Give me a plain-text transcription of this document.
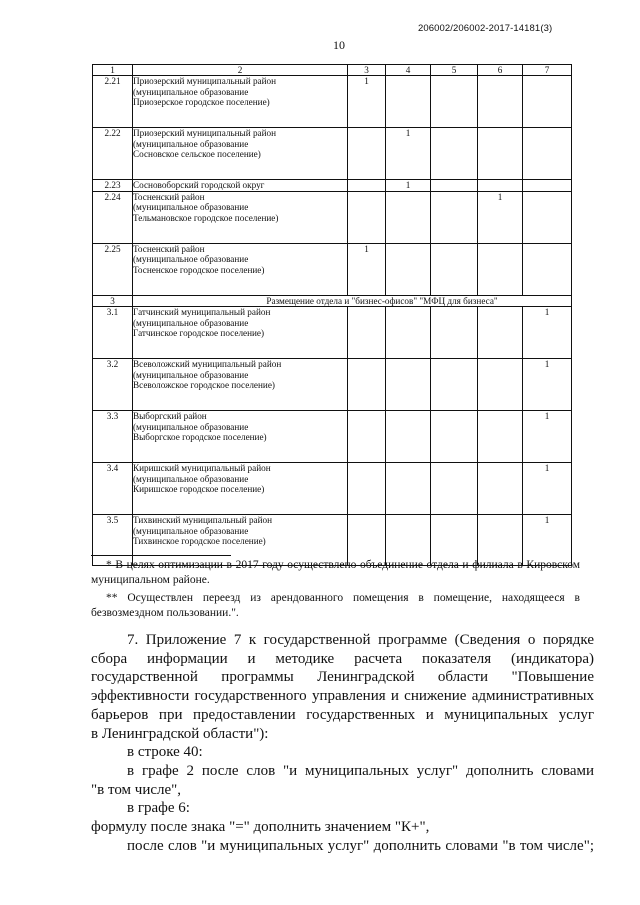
206002/206002-2017-14181(3)
10
1	2	3	4	5	6	7
2.21	Приозерский муниципальный район
(муниципальное образование
Приозерское городское поселение)	1				
2.22	Приозерский муниципальный район
(муниципальное образование
Сосновское сельское поселение)		1			
2.23	Сосновоборский городской округ		1			
2.24	Тосненский район
(муниципальное образование
Тельмановское городское поселение)				1	
2.25	Тосненский район
(муниципальное образование
Тосненское городское поселение)	1				
3	Размещение отдела и "бизнес-офисов" "МФЦ для бизнеса"					
3.1	Гатчинский муниципальный район
(муниципальное образование
Гатчинское городское поселение)					1
3.2	Всеволожский муниципальный район
(муниципальное образование
Всеволожское городское поселение)					1
3.3	Выборгский район
(муниципальное образование
Выборгское городское поселение)					1
3.4	Киришский муниципальный район
(муниципальное образование
Киришское городское поселение)					1
3.5	Тихвинский муниципальный район
(муниципальное образование
Тихвинское городское поселение)					1
* В целях оптимизации в 2017 году осуществлено объединение отдела и филиала в Кировском муниципальном районе.
** Осуществлен переезд из арендованного помещения в помещение, находящееся в безвозмездном пользовании.".

7. Приложение 7 к государственной программе (Сведения о порядке

сбора информации и методике расчета показателя (индикатора)

государственной программы Ленинградской области "Повышение

эффективности государственного управления и снижение административных

барьеров при предоставлении государственных и муниципальных услуг

в Ленинградской области"):

в строке 40:

в графе 2 после слов "и муниципальных услуг" дополнить словами

"в том числе",

в графе 6:

формулу после знака "=" дополнить значением "К+",

после слов "и муниципальных услуг" дополнить словами "в том числе";
